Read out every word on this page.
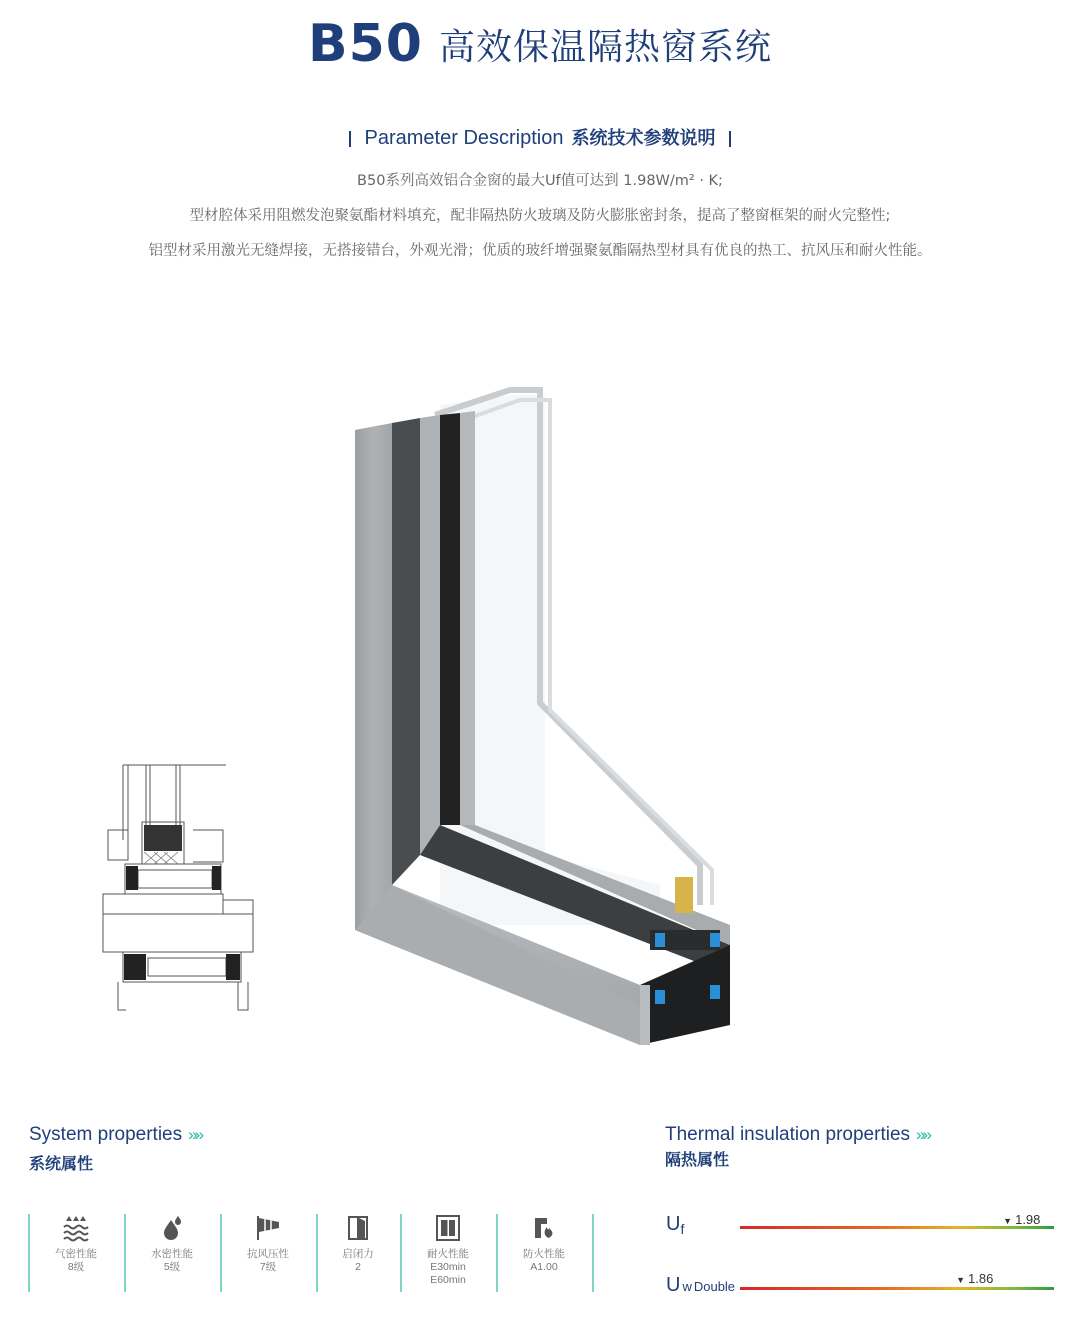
B50 高效保温隔热窗系统
Parameter Description 系统技术参数说明
B50系列高效铝合金窗的最大Uf值可达到 1.98W/m² · K;
型材腔体采用阻燃发泡聚氨酯材料填充，配非隔热防火玻璃及防火膨胀密封条，提高了整窗框架的耐火完整性;
铝型材采用激光无缝焊接，无搭接错台，外观光滑；优质的玻纤增强聚氨酯隔热型材具有优良的热工、抗风压和耐火性能。
System properties »»
系统属性
气密性能
8级
水密性能
5级
抗风压性
7级
启闭力
2
耐火性能
E30min
E60min
防火性能
A1.00
Thermal insulation properties »»
隔热属性
$U_f$	▼ 1.98
Uw Double	▼ 1.86
